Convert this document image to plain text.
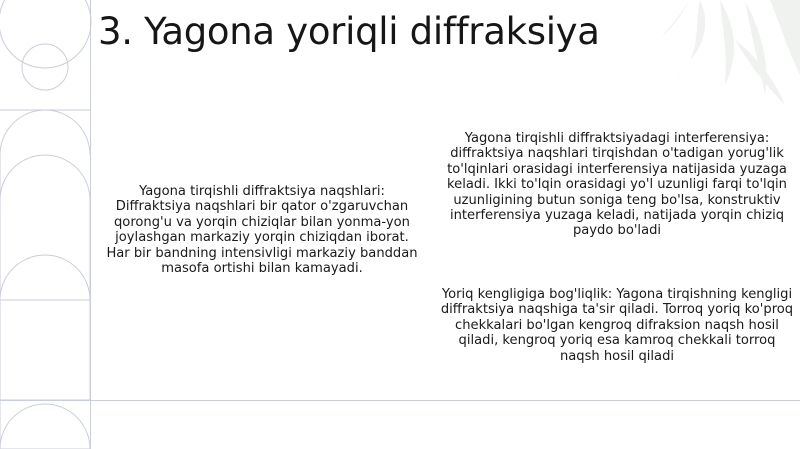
3. Yagona yoriqli diffraksiya
Yagona tirqishli diffraktsiya naqshlari: Diffraktsiya naqshlari bir qator o'zgaruvchan qorong'u va yorqin chiziqlar bilan yonma-yon joylashgan markaziy yorqin chiziqdan iborat. Har bir bandning intensivligi markaziy banddan masofa ortishi bilan kamayadi.
Yagona tirqishli diffraktsiyadagi interferensiya: diffraktsiya naqshlari tirqishdan o'tadigan yorug'lik to'lqinlari orasidagi interferensiya natijasida yuzaga keladi. Ikki to'lqin orasidagi yo'l uzunligi farqi to'lqin uzunligining butun soniga teng bo'lsa, konstruktiv interferensiya yuzaga keladi, natijada yorqin chiziq paydo bo'ladi
Yoriq kengligiga bog'liqlik: Yagona tirqishning kengligi diffraktsiya naqshiga ta'sir qiladi. Torroq yoriq ko'proq chekkalari bo'lgan kengroq difraksion naqsh hosil qiladi, kengroq yoriq esa kamroq chekkali torroq naqsh hosil qiladi
